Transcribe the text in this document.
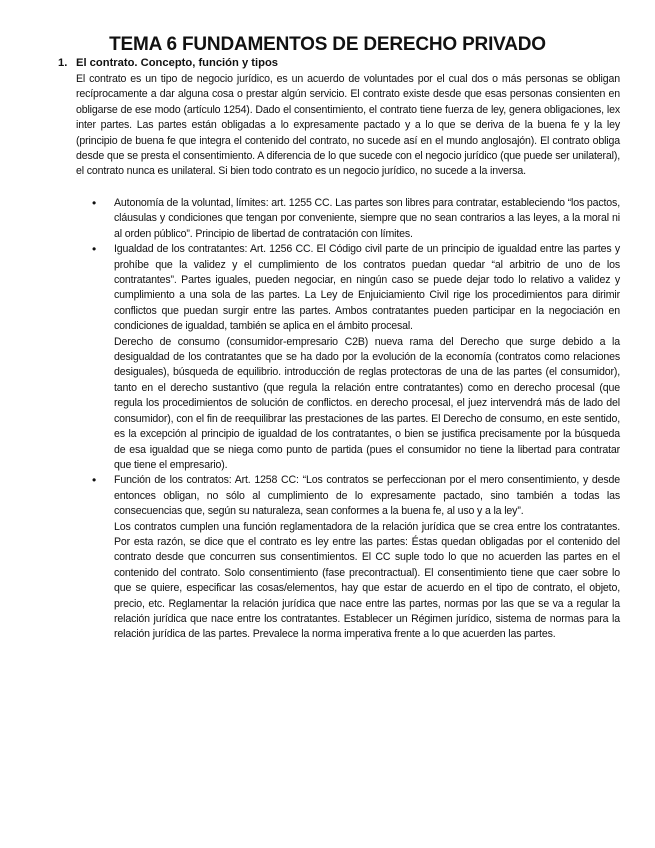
TEMA 6 FUNDAMENTOS DE DERECHO PRIVADO
1. El contrato. Concepto, función y tipos

El contrato es un tipo de negocio jurídico, es un acuerdo de voluntades por el cual dos o más personas se obligan recíprocamente a dar alguna cosa o prestar algún servicio. El contrato existe desde que esas personas consienten en obligarse de ese modo (artículo 1254). Dado el consentimiento, el contrato tiene fuerza de ley, genera obligaciones, lex inter partes. Las partes están obligadas a lo expresamente pactado y a lo que se deriva de la buena fe y la ley (principio de buena fe que integra el contenido del contrato, no sucede así en el mundo anglosajón). El contrato obliga desde que se presta el consentimiento. A diferencia de lo que sucede con el negocio jurídico (que puede ser unilateral), el contrato nunca es unilateral. Si bien todo contrato es un negocio jurídico, no sucede a la inversa.

• Autonomía de la voluntad, límites: art. 1255 CC. Las partes son libres para contratar, estableciendo “los pactos, cláusulas y condiciones que tengan por conveniente, siempre que no sean contrarios a las leyes, a la moral ni al orden público”. Principio de libertad de contratación con límites.

• Igualdad de los contratantes: Art. 1256 CC. El Código civil parte de un principio de igualdad entre las partes y prohíbe que la validez y el cumplimiento de los contratos puedan quedar “al arbitrio de uno de los contratantes”. Partes iguales, pueden negociar, en ningún caso se puede dejar todo lo relativo a validez y cumplimiento a una sola de las partes. La Ley de Enjuiciamiento Civil rige los procedimientos para dirimir conflictos que puedan surgir entre las partes. Ambos contratantes pueden participar en la negociación en condiciones de igualdad, también se aplica en el ámbito procesal.

Derecho de consumo (consumidor-empresario C2B) nueva rama del Derecho que surge debido a la desigualdad de los contratantes que se ha dado por la evolución de la economía (contratos como relaciones desiguales), búsqueda de equilibrio. introducción de reglas protectoras de una de las partes (el consumidor), tanto en el derecho sustantivo (que regula la relación entre contratantes) como en derecho procesal (que regula los procedimientos de solución de conflictos. en derecho procesal, el juez intervendrá más de lado del consumidor), con el fin de reequilibrar las prestaciones de las partes. El Derecho de consumo, en este sentido, es la excepción al principio de igualdad de los contratantes, o bien se justifica precisamente por la búsqueda de esa igualdad que se niega como punto de partida (pues el consumidor no tiene la libertad para contratar que tiene el empresario).

• Función de los contratos: Art. 1258 CC: “Los contratos se perfeccionan por el mero consentimiento, y desde entonces obligan, no sólo al cumplimiento de lo expresamente pactado, sino también a todas las consecuencias que, según su naturaleza, sean conformes a la buena fe, al uso y a la ley”.

Los contratos cumplen una función reglamentadora de la relación jurídica que se crea entre los contratantes. Por esta razón, se dice que el contrato es ley entre las partes: Éstas quedan obligadas por el contenido del contrato desde que concurren sus consentimientos. El CC suple todo lo que no acuerden las partes en el contenido del contrato. Solo consentimiento (fase precontractual). El consentimiento tiene que caer sobre lo que se quiere, especificar las cosas/elementos, hay que estar de acuerdo en el tipo de contrato, el objeto, precio, etc. Reglamentar la relación jurídica que nace entre las partes, normas por las que se va a regular la relación jurídica que nace entre los contratantes. Establecer un Régimen jurídico, sistema de normas para la relación jurídica de las partes. Prevalece la norma imperativa frente a lo que acuerden las partes.
